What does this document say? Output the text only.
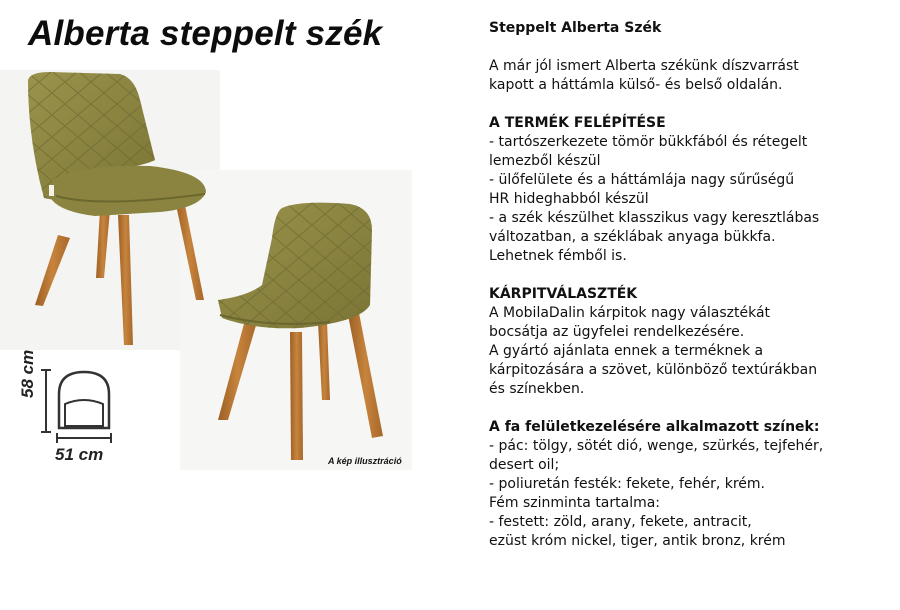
Alberta steppelt szék
A kép illusztráció
58 cm
51 cm

Steppelt Alberta Szék

A már jól ismert Alberta székünk díszvarrást

kapott a háttámla külső- és belső oldalán.

A TERMÉK FELÉPÍTÉSE

- tartószerkezete tömör bükkfából és rétegelt

lemezből készül

- ülőfelülete és a háttámlája nagy sűrűségű

HR hideghabból készül

- a szék készülhet klasszikus vagy keresztlábas

változatban, a széklábak anyaga bükkfa.

Lehetnek fémből is.

KÁRPITVÁLASZTÉK

A MobilaDalin kárpitok nagy választékát

bocsátja az ügyfelei rendelkezésére.

A gyártó ajánlata ennek a terméknek a

kárpitozására a szövet, különböző textúrákban

és színekben.

A fa felületkezelésére alkalmazott színek:

- pác: tölgy, sötét dió, wenge, szürkés, tejfehér,

desert oil;

- poliuretán festék: fekete, fehér, krém.

Fém szinminta tartalma:

- festett: zöld, arany, fekete, antracit,

ezüst króm nickel, tiger, antik bronz, krém
